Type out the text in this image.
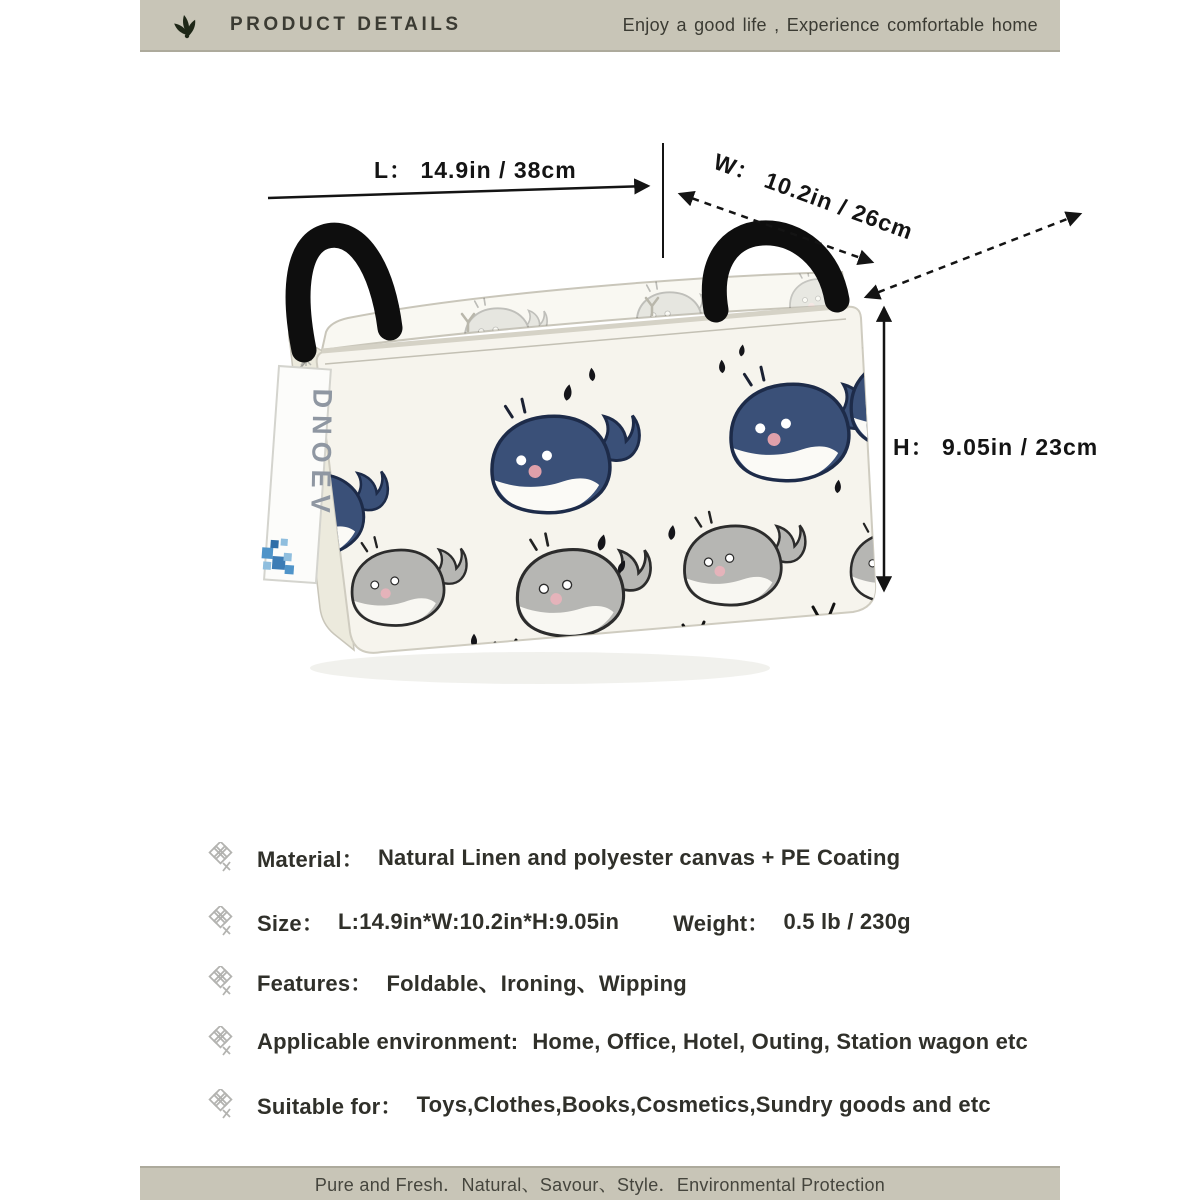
PRODUCT DETAILS	Enjoy a good life , Experience comfortable home
DNOEV
L： 14.9in / 38cm	W： 10.2in / 26cm
H： 9.05in / 23cm
Material： Natural Linen and polyester canvas + PE Coating
Size： L:14.9in*W:10.2in*H:9.05in Weight： 0.5 lb / 230g
Features： Foldable、Ironing、Wipping
Applicable environment: Home, Office, Hotel, Outing, Station wagon etc
Suitable for： Toys,Clothes,Books,Cosmetics,Sundry goods and etc
Pure and Fresh．Natural、Savour、Style．Environmental Protection
